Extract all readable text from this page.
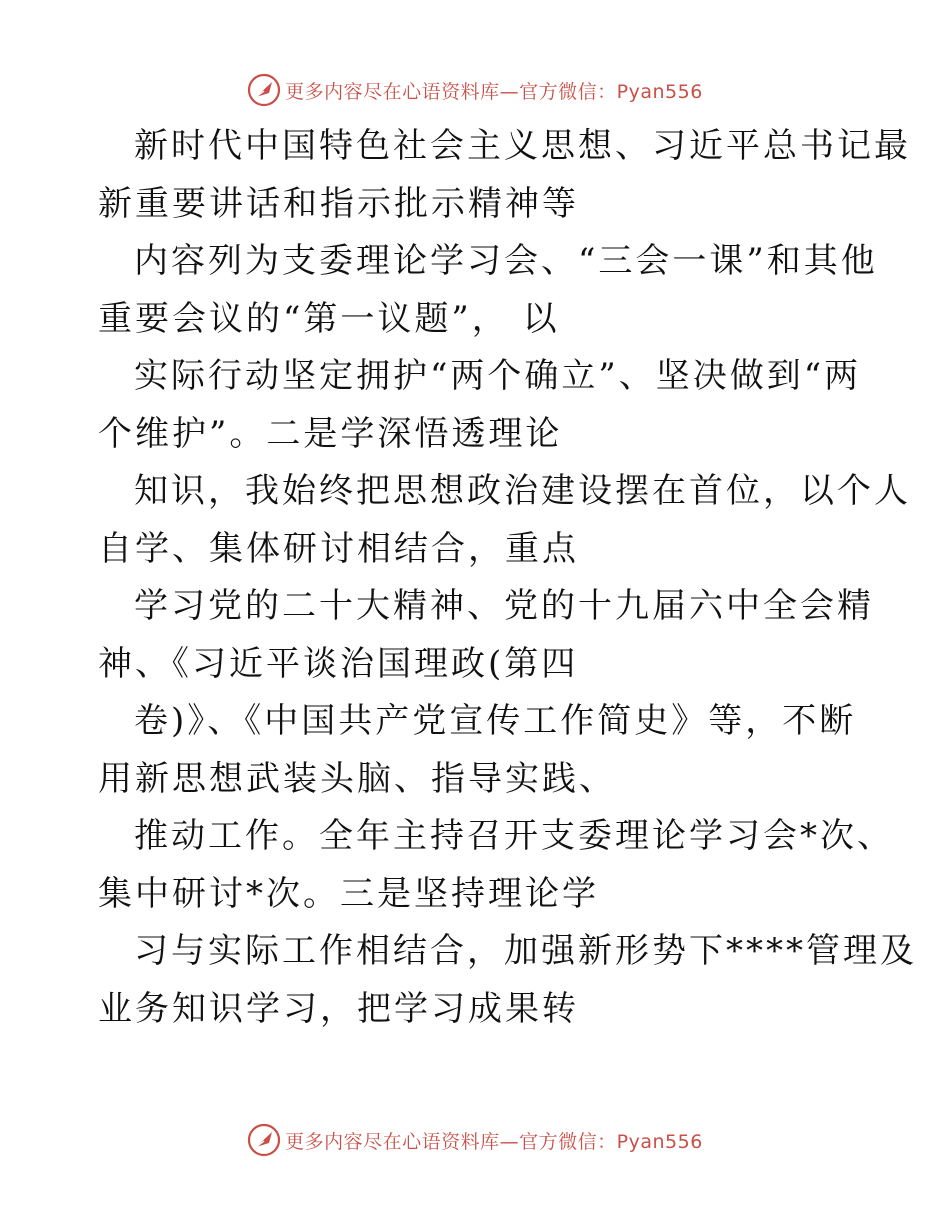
更多内容尽在心语资料库—官方微信：Pyan556
新时代中国特色社会主义思想、习近平总书记最
新重要讲话和指示批示精神等
内容列为支委理论学习会、“三会一课”和其他
重要会议的“第一议题”， 以
实际行动坚定拥护“两个确立”、坚决做到“两
个维护”。二是学深悟透理论
知识，我始终把思想政治建设摆在首位，以个人
自学、集体研讨相结合，重点
学习党的二十大精神、党的十九届六中全会精
神、《习近平谈治国理政(第四
卷)》、《中国共产党宣传工作简史》等，不断
用新思想武装头脑、指导实践、
推动工作。全年主持召开支委理论学习会*次、
集中研讨*次。三是坚持理论学
习与实际工作相结合，加强新形势下****管理及
业务知识学习，把学习成果转
更多内容尽在心语资料库—官方微信：Pyan556
